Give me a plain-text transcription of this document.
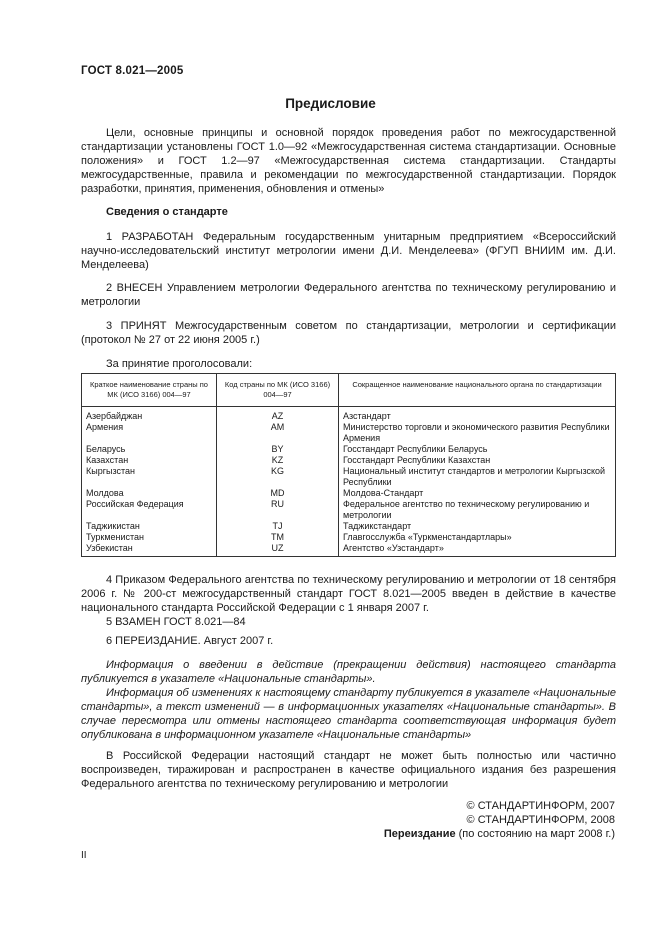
ГОСТ 8.021—2005
Предисловие
Цели, основные принципы и основной порядок проведения работ по межгосударственной стандартизации установлены ГОСТ 1.0—92 «Межгосударственная система стандартизации. Основные положения» и ГОСТ 1.2—97 «Межгосударственная система стандартизации. Стандарты межгосударственные, правила и рекомендации по межгосударственной стандартизации. Порядок разработки, принятия, применения, обновления и отмены»
Сведения о стандарте
1 РАЗРАБОТАН Федеральным государственным унитарным предприятием «Всероссийский научно-исследовательский институт метрологии имени Д.И. Менделеева» (ФГУП ВНИИМ им. Д.И. Менделеева)
2 ВНЕСЕН Управлением метрологии Федерального агентства по техническому регулированию и метрологии
3 ПРИНЯТ Межгосударственным советом по стандартизации, метрологии и сертификации (протокол № 27 от 22 июня 2005 г.)
За принятие проголосовали:
Краткое наименование страны по МК (ИСО 3166) 004—97	Код страны по МК (ИСО 3166) 004—97	Сокращенное наименование национального органа по стандартизации
Азербайджан	AZ	Азстандарт
Армения	AM	Министерство торговли и экономического развития Республики Армения
Беларусь	BY	Госстандарт Республики Беларусь
Казахстан	KZ	Госстандарт Республики Казахстан
Кыргызстан	KG	Национальный институт стандартов и метрологии Кыргызской Республики
Молдова	MD	Молдова-Стандарт
Российская Федерация	RU	Федеральное агентство по техническому регулированию и метрологии
Таджикистан	TJ	Таджикстандарт
Туркменистан	TM	Главгосслужба «Туркменстандартлары»
Узбекистан	UZ	Агентство «Узстандарт»
4 Приказом Федерального агентства по техническому регулированию и метрологии от 18 сентября 2006 г. № 200-ст межгосударственный стандарт ГОСТ 8.021—2005 введен в действие в качестве национального стандарта Российской Федерации с 1 января 2007 г.
5 ВЗАМЕН ГОСТ 8.021—84
6 ПЕРЕИЗДАНИЕ. Август 2007 г.
Информация о введении в действие (прекращении действия) настоящего стандарта публикуется в указателе «Национальные стандарты».
Информация об изменениях к настоящему стандарту публикуется в указателе «Национальные стандарты», а текст изменений — в информационных указателях «Национальные стандарты». В случае пересмотра или отмены настоящего стандарта соответствующая информация будет опубликована в информационном указателе «Национальные стандарты»
В Российской Федерации настоящий стандарт не может быть полностью или частично воспроизведен, тиражирован и распространен в качестве официального издания без разрешения Федерального агентства по техническому регулированию и метрологии
© СТАНДАРТИНФОРМ, 2007
© СТАНДАРТИНФОРМ, 2008
Переиздание (по состоянию на март 2008 г.)
II
